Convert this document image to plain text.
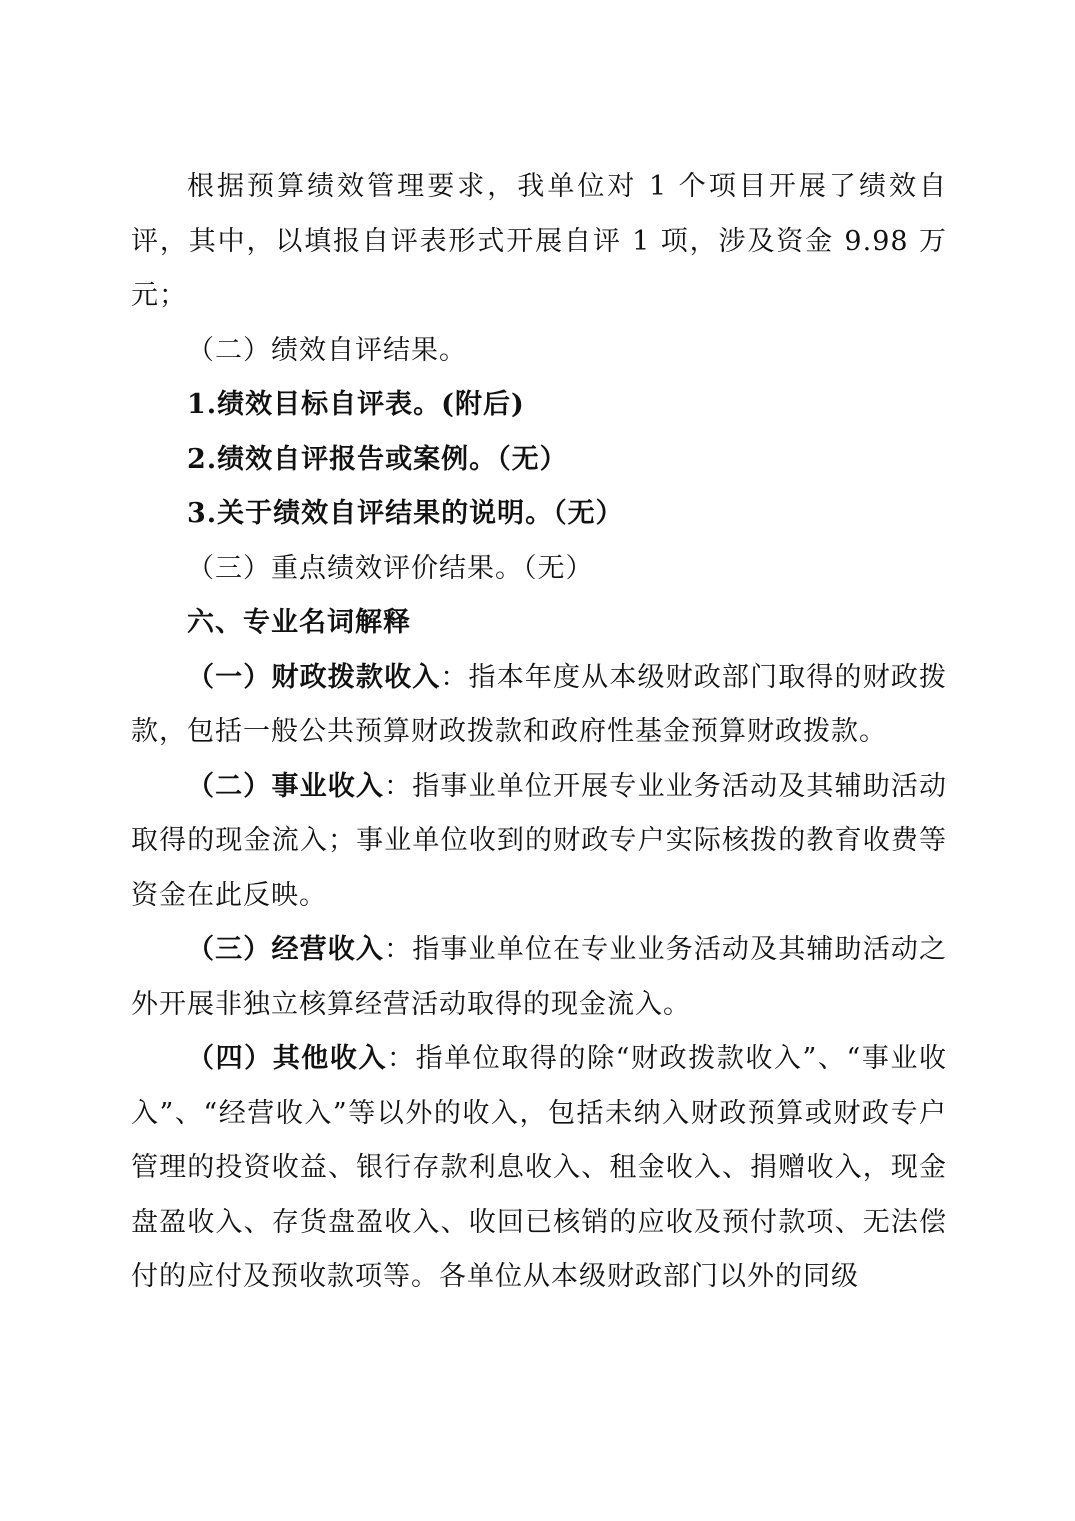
根据预算绩效管理要求，我单位对 1 个项目开展了绩效自评，其中，以填报自评表形式开展自评 1 项，涉及资金 9.98 万元；

（二）绩效自评结果。

1.绩效目标自评表。(附后)

2.绩效自评报告或案例。（无）

3.关于绩效自评结果的说明。（无）

（三）重点绩效评价结果。（无）

六、专业名词解释

（一）财政拨款收入：指本年度从本级财政部门取得的财政拨款，包括一般公共预算财政拨款和政府性基金预算财政拨款。

（二）事业收入：指事业单位开展专业业务活动及其辅助活动取得的现金流入；事业单位收到的财政专户实际核拨的教育收费等资金在此反映。

（三）经营收入：指事业单位在专业业务活动及其辅助活动之外开展非独立核算经营活动取得的现金流入。

（四）其他收入：指单位取得的除“财政拨款收入”、“事业收入”、“经营收入”等以外的收入，包括未纳入财政预算或财政专户管理的投资收益、银行存款利息收入、租金收入、捐赠收入，现金盘盈收入、存货盘盈收入、收回已核销的应收及预付款项、无法偿付的应付及预收款项等。各单位从本级财政部门以外的同级
